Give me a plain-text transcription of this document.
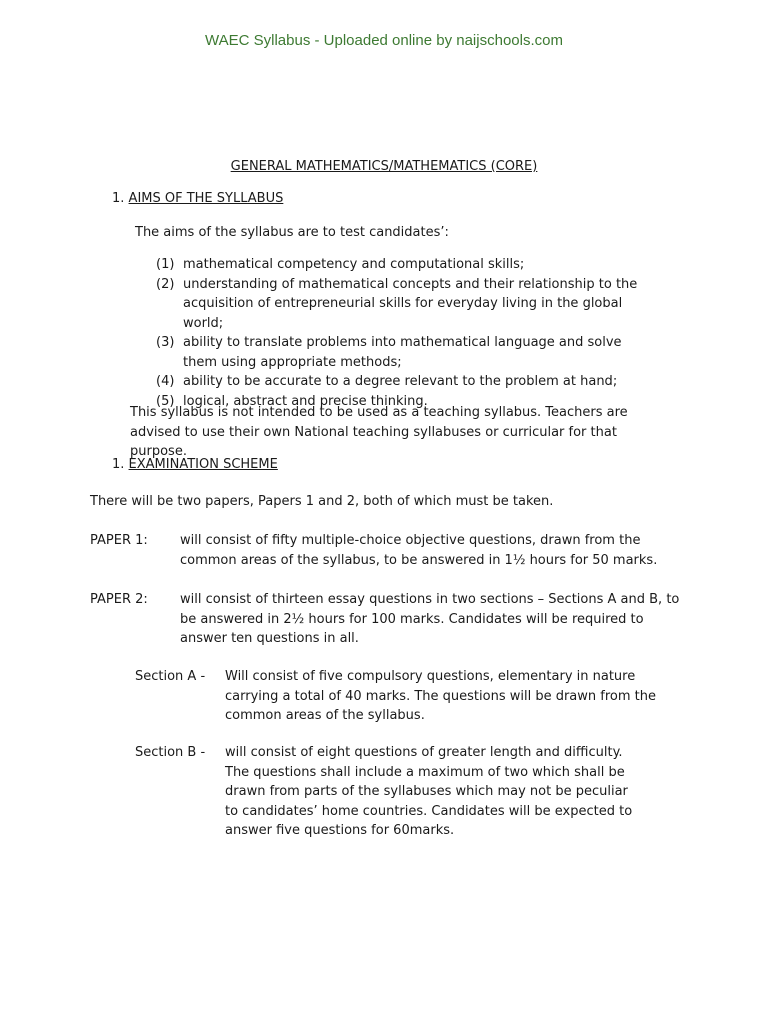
WAEC Syllabus - Uploaded online by naijschools.com
GENERAL MATHEMATICS/MATHEMATICS (CORE)
1. AIMS OF THE SYLLABUS
The aims of the syllabus are to test candidates’:
(1) mathematical competency and computational skills;
(2) understanding of mathematical concepts and their relationship to the acquisition of entrepreneurial skills for everyday living in the global world;
(3) ability to translate problems into mathematical language and solve them using appropriate methods;
(4) ability to be accurate to a degree relevant to the problem at hand;
(5) logical, abstract and precise thinking.
This syllabus is not intended to be used as a teaching syllabus. Teachers are advised to use their own National teaching syllabuses or curricular for that purpose.
1. EXAMINATION SCHEME
There will be two papers, Papers 1 and 2, both of which must be taken.
PAPER 1: will consist of fifty multiple-choice objective questions, drawn from the common areas of the syllabus, to be answered in 1½ hours for 50 marks.
PAPER 2: will consist of thirteen essay questions in two sections – Sections A and B, to be answered in 2½ hours for 100 marks. Candidates will be required to answer ten questions in all.
Section A - Will consist of five compulsory questions, elementary in nature carrying a total of 40 marks. The questions will be drawn from the common areas of the syllabus.
Section B - will consist of eight questions of greater length and difficulty. The questions shall include a maximum of two which shall be drawn from parts of the syllabuses which may not be peculiar to candidates’ home countries. Candidates will be expected to answer five questions for 60marks.
